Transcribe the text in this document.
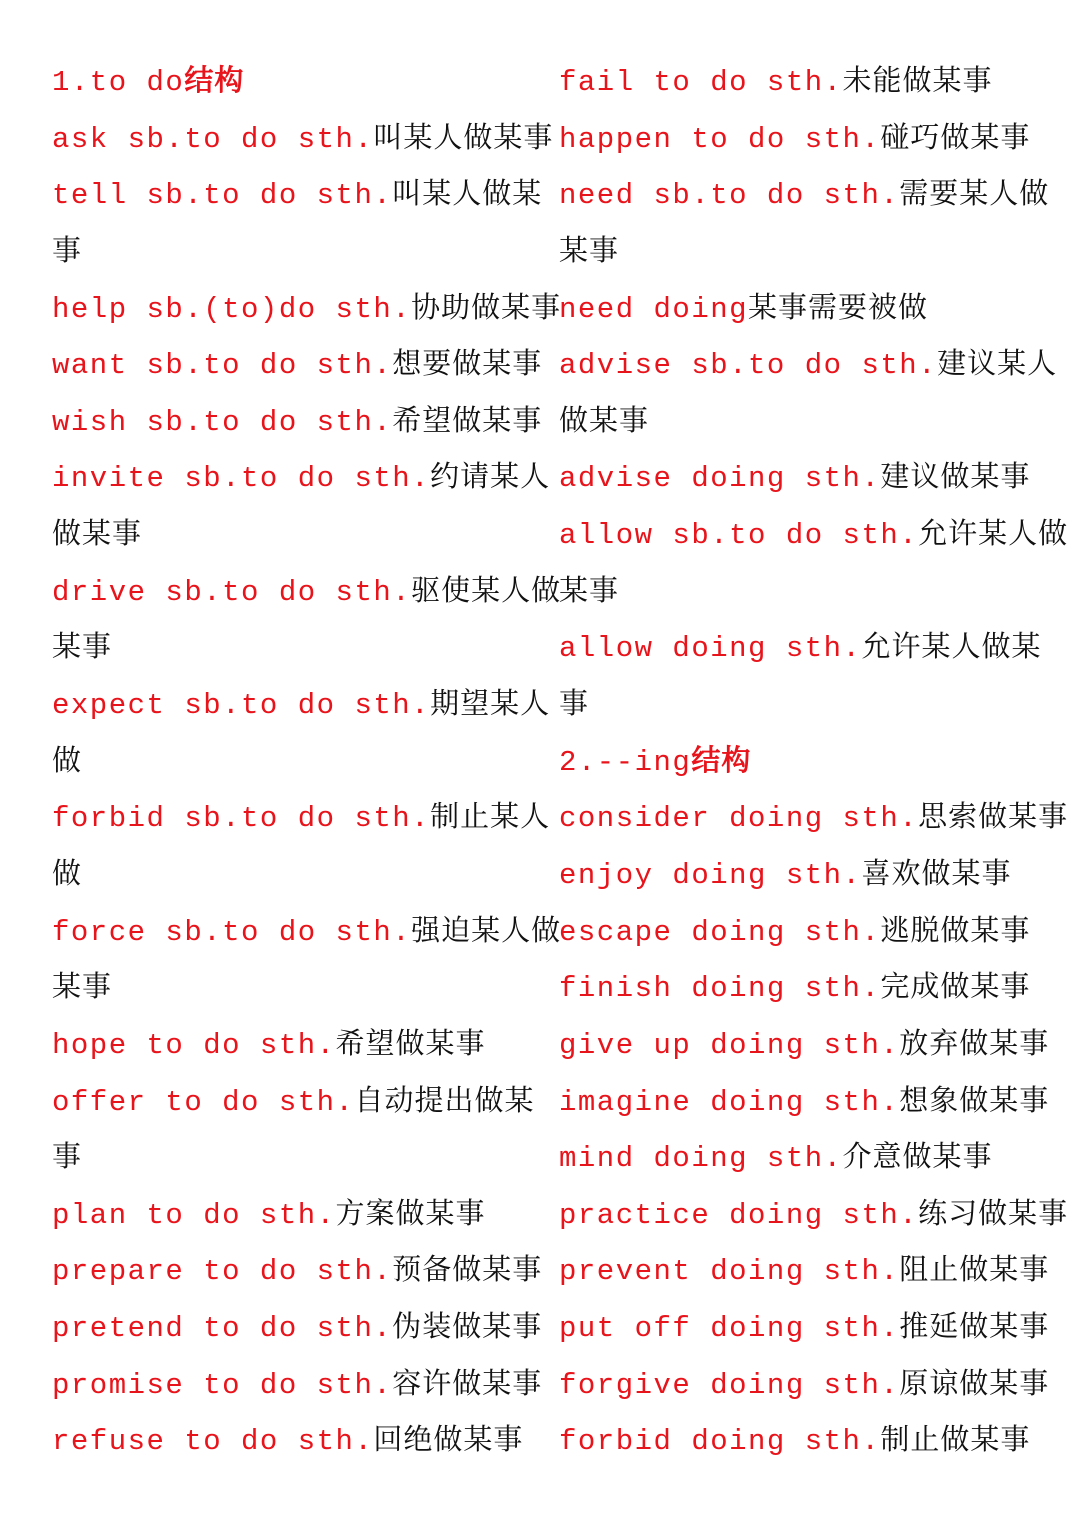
1.to do结构
ask sb.to do sth.叫某人做某事
tell sb.to do sth.叫某人做某
事
help sb.(to)do sth.协助做某事
want sb.to do sth.想要做某事
wish sb.to do sth.希望做某事
invite sb.to do sth.约请某人
做某事
drive sb.to do sth.驱使某人做
某事
expect sb.to do sth.期望某人
做
forbid sb.to do sth.制止某人
做
force sb.to do sth.强迫某人做
某事
hope to do sth.希望做某事
offer to do sth.自动提出做某
事
plan to do sth.方案做某事
prepare to do sth.预备做某事
pretend to do sth.伪装做某事
promise to do sth.容许做某事
refuse to do sth.回绝做某事
fail to do sth.未能做某事
happen to do sth.碰巧做某事
need sb.to do sth.需要某人做
某事
need doing某事需要被做
advise sb.to do sth.建议某人
做某事
advise doing sth.建议做某事
allow sb.to do sth.允许某人做
某事
allow doing sth.允许某人做某
事
2.--ing结构
consider doing sth.思索做某事
enjoy doing sth.喜欢做某事
escape doing sth.逃脱做某事
finish doing sth.完成做某事
give up doing sth.放弃做某事
imagine doing sth.想象做某事
mind doing sth.介意做某事
practice doing sth.练习做某事
prevent doing sth.阻止做某事
put off doing sth.推延做某事
forgive doing sth.原谅做某事
forbid doing sth.制止做某事
